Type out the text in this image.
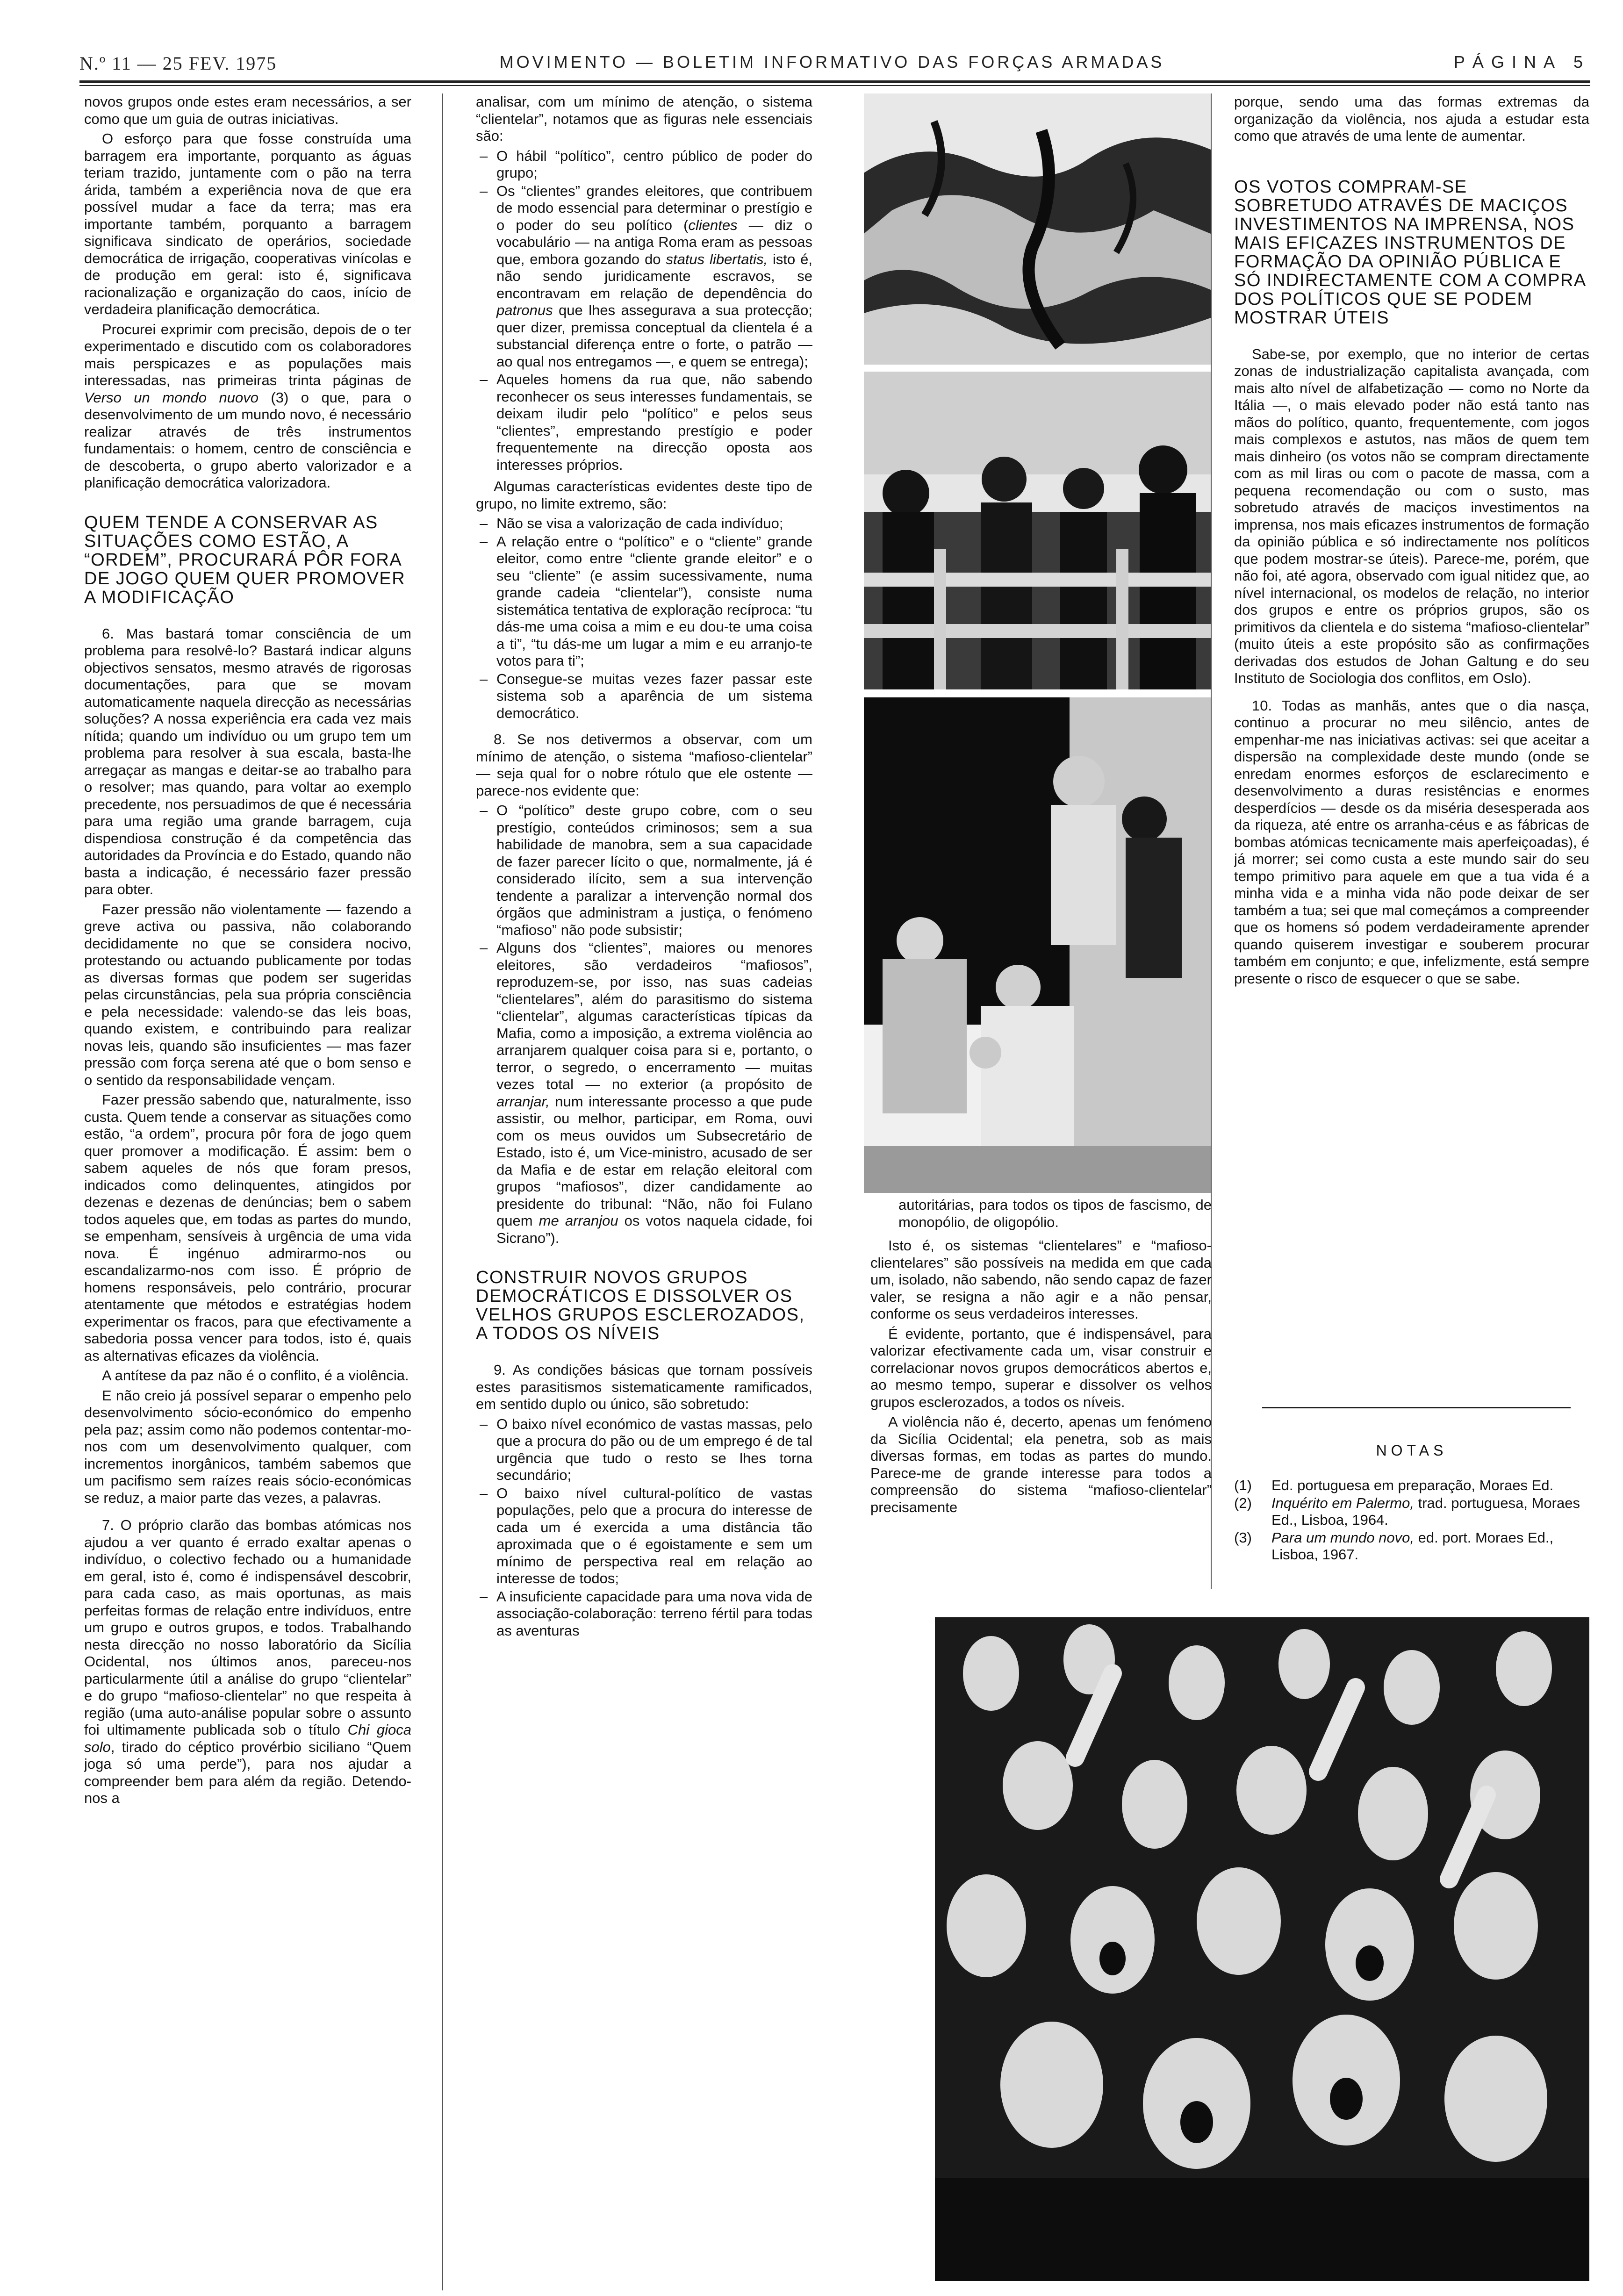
N.º 11 — 25 FEV. 1975	MOVIMENTO — BOLETIM INFORMATIVO DAS FORÇAS ARMADAS	PÁGINA 5

novos grupos onde estes eram necessários, a ser como que um guia de outras iniciativas.

O esforço para que fosse construída uma barragem era importante, porquanto as águas teriam trazido, juntamente com o pão na terra árida, também a experiência nova de que era possível mudar a face da terra; mas era importante também, porquanto a barragem significava sindicato de operários, sociedade democrática de irrigação, cooperativas vinícolas e de produção em geral: isto é, significava racionalização e organização do caos, início de verdadeira planificação democrática.

Procurei exprimir com precisão, depois de o ter experimentado e discutido com os colaboradores mais perspicazes e as populações mais interessadas, nas primeiras trinta páginas de Verso un mondo nuovo (3) o que, para o desenvolvimento de um mundo novo, é necessário realizar através de três instrumentos fundamentais: o homem, centro de consciência e de descoberta, o grupo aberto valorizador e a planificação democrática valorizadora.

QUEM TENDE A CONSERVAR AS SITUAÇÕES COMO ESTÃO, A “ORDEM”, PROCURARÁ PÔR FORA DE JOGO QUEM QUER PROMOVER A MODIFICAÇÃO

6. Mas bastará tomar consciência de um problema para resolvê-lo? Bastará indicar alguns objectivos sensatos, mesmo através de rigorosas documentações, para que se movam automaticamente naquela direcção as necessárias soluções? A nossa experiência era cada vez mais nítida; quando um indivíduo ou um grupo tem um problema para resolver à sua escala, basta-lhe arregaçar as mangas e deitar-se ao trabalho para o resolver; mas quando, para voltar ao exemplo precedente, nos persuadimos de que é necessária para uma região uma grande barragem, cuja dispendiosa construção é da competência das autoridades da Província e do Estado, quando não basta a indicação, é necessário fazer pressão para obter.

Fazer pressão não violentamente — fazendo a greve activa ou passiva, não colaborando decididamente no que se considera nocivo, protestando ou actuando publicamente por todas as diversas formas que podem ser sugeridas pelas circunstâncias, pela sua própria consciência e pela necessidade: valendo-se das leis boas, quando existem, e contribuindo para realizar novas leis, quando são insuficientes — mas fazer pressão com força serena até que o bom senso e o sentido da responsabilidade vençam.

Fazer pressão sabendo que, naturalmente, isso custa. Quem tende a conservar as situações como estão, “a ordem”, procura pôr fora de jogo quem quer promover a modificação. É assim: bem o sabem aqueles de nós que foram presos, indicados como delinquentes, atingidos por dezenas e dezenas de denúncias; bem o sabem todos aqueles que, em todas as partes do mundo, se empenham, sensíveis à urgência de uma vida nova. É ingénuo admirarmo-nos ou escandalizarmo-nos com isso. É próprio de homens responsáveis, pelo contrário, procurar atentamente que métodos e estratégias hodem experimentar os fracos, para que efectivamente a sabedoria possa vencer para todos, isto é, quais as alternativas eficazes da violência.

A antítese da paz não é o conflito, é a violência.

E não creio já possível separar o empenho pelo desenvolvimento sócio-económico do empenho pela paz; assim como não podemos contentar-mo-nos com um desenvolvimento qualquer, com incrementos inorgânicos, também sabemos que um pacifismo sem raízes reais sócio-económicas se reduz, a maior parte das vezes, a palavras.

7. O próprio clarão das bombas atómicas nos ajudou a ver quanto é errado exaltar apenas o indivíduo, o colectivo fechado ou a humanidade em geral, isto é, como é indispensável descobrir, para cada caso, as mais oportunas, as mais perfeitas formas de relação entre indivíduos, entre um grupo e outros grupos, e todos. Trabalhando nesta direcção no nosso laboratório da Sicília Ocidental, nos últimos anos, pareceu-nos particularmente útil a análise do grupo “clientelar” e do grupo “mafioso-clientelar” no que respeita à região (uma auto-análise popular sobre o assunto foi ultimamente publicada sob o título Chi gioca solo, tirado do céptico provérbio siciliano “Quem joga só uma perde”), para nos ajudar a compreender bem para além da região. Detendo-nos a

analisar, com um mínimo de atenção, o sistema “clientelar”, notamos que as figuras nele essenciais são:

– O hábil “político”, centro público de poder do grupo;
– Os “clientes” grandes eleitores, que contribuem de modo essencial para determinar o prestígio e o poder do seu político (clientes — diz o vocabulário — na antiga Roma eram as pessoas que, embora gozando do status libertatis, isto é, não sendo juridicamente escravos, se encontravam em relação de dependência do patronus que lhes assegurava a sua protecção; quer dizer, premissa conceptual da clientela é a substancial diferença entre o forte, o patrão — ao qual nos entregamos —, e quem se entrega);
– Aqueles homens da rua que, não sabendo reconhecer os seus interesses fundamentais, se deixam iludir pelo “político” e pelos seus “clientes”, emprestando prestígio e poder frequentemente na direcção oposta aos interesses próprios.

Algumas características evidentes deste tipo de grupo, no limite extremo, são:

– Não se visa a valorização de cada indivíduo;
– A relação entre o “político” e o “cliente” grande eleitor, como entre “cliente grande eleitor” e o seu “cliente” (e assim sucessivamente, numa grande cadeia “clientelar”), consiste numa sistemática tentativa de exploração recíproca: “tu dás-me uma coisa a mim e eu dou-te uma coisa a ti”, “tu dás-me um lugar a mim e eu arranjo-te votos para ti”;
– Consegue-se muitas vezes fazer passar este sistema sob a aparência de um sistema democrático.

8. Se nos detivermos a observar, com um mínimo de atenção, o sistema “mafioso-clientelar” — seja qual for o nobre rótulo que ele ostente — parece-nos evidente que:

– O “político” deste grupo cobre, com o seu prestígio, conteúdos criminosos; sem a sua habilidade de manobra, sem a sua capacidade de fazer parecer lícito o que, normalmente, já é considerado ilícito, sem a sua intervenção tendente a paralizar a intervenção normal dos órgãos que administram a justiça, o fenómeno “mafioso” não pode subsistir;
– Alguns dos “clientes”, maiores ou menores eleitores, são verdadeiros “mafiosos”, reproduzem-se, por isso, nas suas cadeias “clientelares”, além do parasitismo do sistema “clientelar”, algumas características típicas da Mafia, como a imposição, a extrema violência ao arranjarem qualquer coisa para si e, portanto, o terror, o segredo, o encerramento — muitas vezes total — no exterior (a propósito de arranjar, num interessante processo a que pude assistir, ou melhor, participar, em Roma, ouvi com os meus ouvidos um Subsecretário de Estado, isto é, um Vice-ministro, acusado de ser da Mafia e de estar em relação eleitoral com grupos “mafiosos”, dizer candidamente ao presidente do tribunal: “Não, não foi Fulano quem me arranjou os votos naquela cidade, foi Sicrano”).
CONSTRUIR NOVOS GRUPOS DEMOCRÁTICOS E DISSOLVER OS VELHOS GRUPOS ESCLEROZADOS, A TODOS OS NÍVEIS

9. As condições básicas que tornam possíveis estes parasitismos sistematicamente ramificados, em sentido duplo ou único, são sobretudo:

– O baixo nível económico de vastas massas, pelo que a procura do pão ou de um emprego é de tal urgência que tudo o resto se lhes torna secundário;
– O baixo nível cultural-político de vastas populações, pelo que a procura do interesse de cada um é exercida a uma distância tão aproximada que o é egoistamente e sem um mínimo de perspectiva real em relação ao interesse de todos;
– A insuficiente capacidade para uma nova vida de associação-colaboração: terreno fértil para todas as aventuras

autoritárias, para todos os tipos de fascismo, de monopólio, de oligopólio.

Isto é, os sistemas “clientelares” e “mafioso-clientelares” são possíveis na medida em que cada um, isolado, não sabendo, não sendo capaz de fazer valer, se resigna a não agir e a não pensar, conforme os seus verdadeiros interesses.

É evidente, portanto, que é indispensável, para valorizar efectivamente cada um, visar construir e correlacionar novos grupos democráticos abertos e, ao mesmo tempo, superar e dissolver os velhos grupos esclerozados, a todos os níveis.

A violência não é, decerto, apenas um fenómeno da Sicília Ocidental; ela penetra, sob as mais diversas formas, em todas as partes do mundo. Parece-me de grande interesse para todos a compreensão do sistema “mafioso-clientelar” precisamente

porque, sendo uma das formas extremas da organização da violência, nos ajuda a estudar esta como que através de uma lente de aumentar.

OS VOTOS COMPRAM-SE SOBRETUDO ATRAVÉS DE MACIÇOS INVESTIMENTOS NA IMPRENSA, NOS MAIS EFICAZES INSTRUMENTOS DE FORMAÇÃO DA OPINIÃO PÚBLICA E SÓ INDIRECTAMENTE COM A COMPRA DOS POLÍTICOS QUE SE PODEM MOSTRAR ÚTEIS

Sabe-se, por exemplo, que no interior de certas zonas de industrialização capitalista avançada, com mais alto nível de alfabetização — como no Norte da Itália —, o mais elevado poder não está tanto nas mãos do político, quanto, frequentemente, com jogos mais complexos e astutos, nas mãos de quem tem mais dinheiro (os votos não se compram directamente com as mil liras ou com o pacote de massa, com a pequena recomendação ou com o susto, mas sobretudo através de maciços investimentos na imprensa, nos mais eficazes instrumentos de formação da opinião pública e só indirectamente nos políticos que podem mostrar-se úteis). Parece-me, porém, que não foi, até agora, observado com igual nitidez que, ao nível internacional, os modelos de relação, no interior dos grupos e entre os próprios grupos, são os primitivos da clientela e do sistema “mafioso-clientelar” (muito úteis a este propósito são as confirmações derivadas dos estudos de Johan Galtung e do seu Instituto de Sociologia dos conflitos, em Oslo).

10. Todas as manhãs, antes que o dia nasça, continuo a procurar no meu silêncio, antes de empenhar-me nas iniciativas activas: sei que aceitar a dispersão na complexidade deste mundo (onde se enredam enormes esforços de esclarecimento e desenvolvimento a duras resistências e enormes desperdícios — desde os da miséria desesperada aos da riqueza, até entre os arranha-céus e as fábricas de bombas atómicas tecnicamente mais aperfeiçoadas), é já morrer; sei como custa a este mundo sair do seu tempo primitivo para aquele em que a tua vida é a minha vida e a minha vida não pode deixar de ser também a tua; sei que mal começámos a compreender que os homens só podem verdadeiramente aprender quando quiserem investigar e souberem procurar também em conjunto; e que, infelizmente, está sempre presente o risco de esquecer o que se sabe.

NOTAS
(1) Ed. portuguesa em preparação, Moraes Ed.
(2) Inquérito em Palermo, trad. portuguesa, Moraes Ed., Lisboa, 1964.
(3) Para um mundo novo, ed. port. Moraes Ed., Lisboa, 1967.
